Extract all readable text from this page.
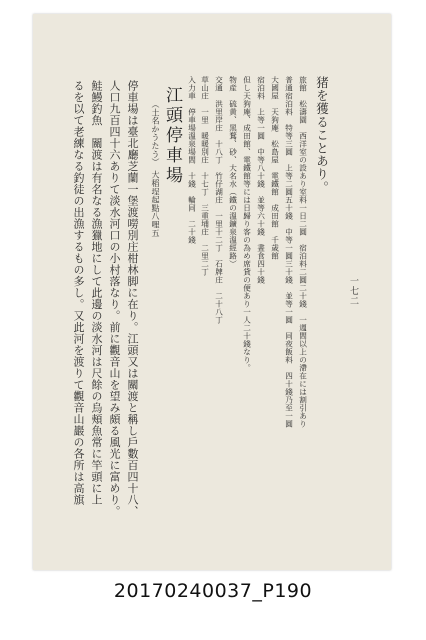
一七二
猪を獲ることあり。
旅館　松濤園　西洋室の設あり室料一日二圓　宿泊料二圓二十錢　一週間以上の滯在には割引あり
普通宿泊料　特等三圓　上等二圓五十錢　中等一圓三十錢　並等一圓　同夜飯料　四十錢乃至一圓
大國屋　天狗庵　松島屋　電鐵館　成田館　千歳館
宿泊料　上等一圓　中等八十錢　並等六十錢　晝食四十錢
但し天狗庵、成田館、電鐵館等には日歸り客の為め席貸の便あり一人二十錢なり。
物産　硫黄、黑鶩、砂、大名水（鐵の溫鑛泉溫經路）
交通　洪里岸庄　十八丁　竹仔湖庄　一里十二丁　石牌庄　二十八丁
草山庄　一里　暖暖別庄　十七丁　三重埔庄　二里二丁
入力車　停車場溫泉場間　十錢　輪同　二十錢
江頭停車場
（土名かうたう）　大稻埕起點八哩五
停車場は臺北廳芝蘭一堡渡嘮別庄柑林脚に在り。江頭又は關渡と稱し戶數百四十八、
人口九百四十六ありて淡水河口の小村落なり。前に觀音山を望み頗る風光に富めり。
鮭鰻釣魚　關渡は有名なる漁獵地にして此邊の淡水河は尺餘の烏頰魚常に竿頭に上
るを以て老練なる釣徒の出漁するもの多し。又此河を渡りて觀音山巖の各所は高旗
20170240037_P190
